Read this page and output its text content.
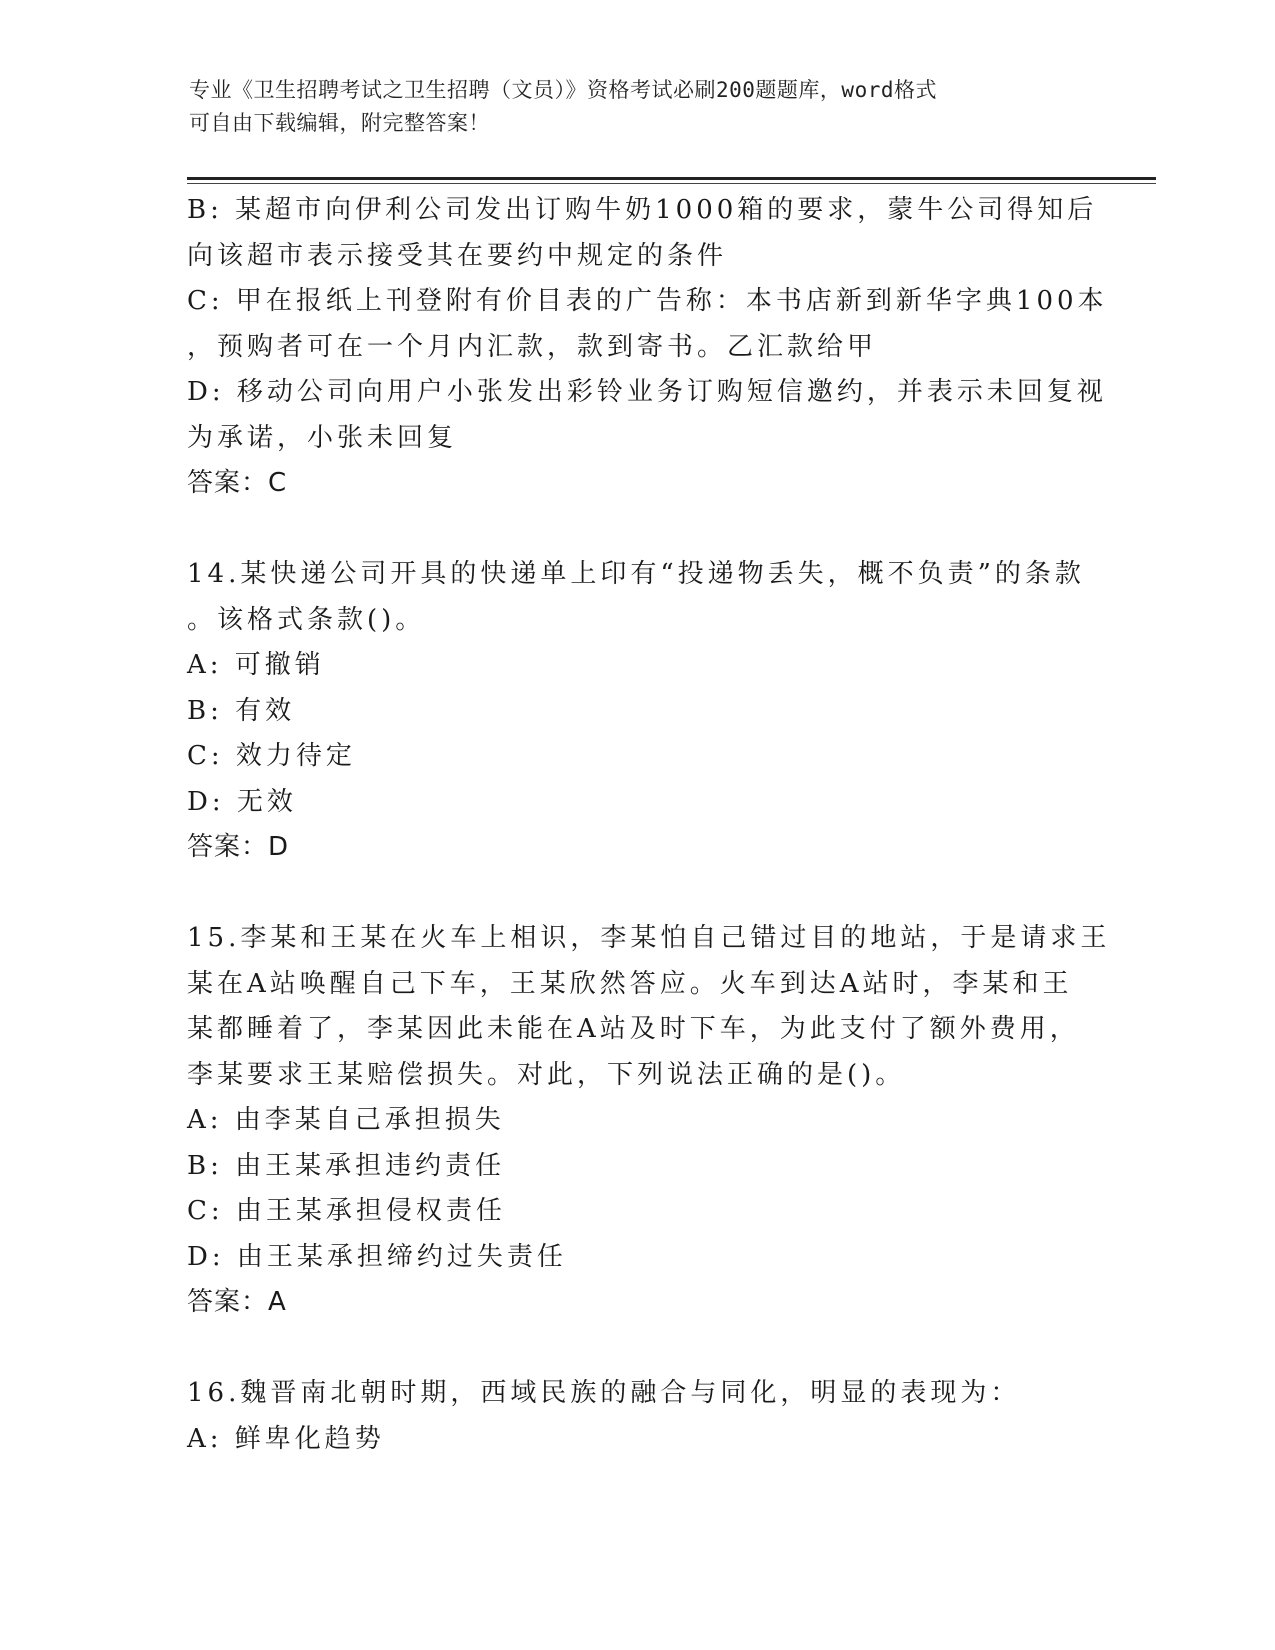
专业《卫生招聘考试之卫生招聘（文员）》资格考试必刷200题题库，word格式
可自由下载编辑，附完整答案！
B: 某超市向伊利公司发出订购牛奶1000箱的要求，蒙牛公司得知后
向该超市表示接受其在要约中规定的条件
C: 甲在报纸上刊登附有价目表的广告称：本书店新到新华字典100本
，预购者可在一个月内汇款，款到寄书。乙汇款给甲
D: 移动公司向用户小张发出彩铃业务订购短信邀约，并表示未回复视
为承诺，小张未回复
答案：C
14.某快递公司开具的快递单上印有“投递物丢失，概不负责”的条款
。该格式条款()。
A: 可撤销
B: 有效
C: 效力待定
D: 无效
答案：D
15.李某和王某在火车上相识，李某怕自己错过目的地站，于是请求王
某在A站唤醒自己下车，王某欣然答应。火车到达A站时，李某和王
某都睡着了，李某因此未能在A站及时下车，为此支付了额外费用，
李某要求王某赔偿损失。对此，下列说法正确的是()。
A: 由李某自己承担损失
B: 由王某承担违约责任
C: 由王某承担侵权责任
D: 由王某承担缔约过失责任
答案：A
16.魏晋南北朝时期，西域民族的融合与同化，明显的表现为：
A: 鲜卑化趋势
